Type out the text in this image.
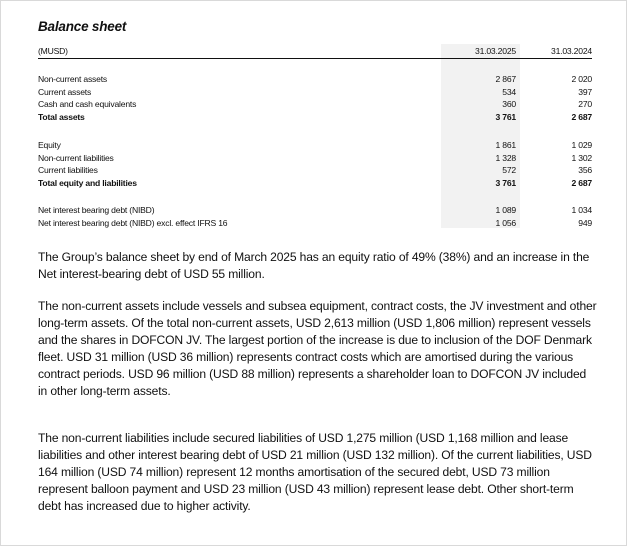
Balance sheet
(MUSD)	31.03.2025	31.03.2024
Non-current assets	2 867	2 020
Current assets	534	397
Cash and cash equivalents	360	270
Total assets	3 761	2 687
Equity	1 861	1 029
Non-current liabilities	1 328	1 302
Current liabilities	572	356
Total equity and liabilities	3 761	2 687
Net interest bearing debt (NIBD)	1 089	1 034
Net interest bearing debt (NIBD) excl. effect IFRS 16	1 056	949

The Group’s balance sheet by end of March 2025 has an equity ratio of 49% (38%) and an increase in the Net interest-bearing debt of USD 55 million.

The non-current assets include vessels and subsea equipment, contract costs, the JV investment and other long-term assets. Of the total non-current assets, USD 2,613 million (USD 1,806 million) represent vessels and the shares in DOFCON JV. The largest portion of the increase is due to inclusion of the DOF Denmark fleet. USD 31 million (USD 36 million) represents contract costs which are amortised during the various contract periods. USD 96 million (USD 88 million) represents a shareholder loan to DOFCON JV included in other long-term assets.

The non-current liabilities include secured liabilities of USD 1,275 million (USD 1,168 million and lease liabilities and other interest bearing debt of USD 21 million (USD 132 million). Of the current liabilities, USD 164 million (USD 74 million) represent 12 months amortisation of the secured debt, USD 73 million represent balloon payment and USD 23 million (USD 43 million) represent lease debt. Other short-term debt has increased due to higher activity.
